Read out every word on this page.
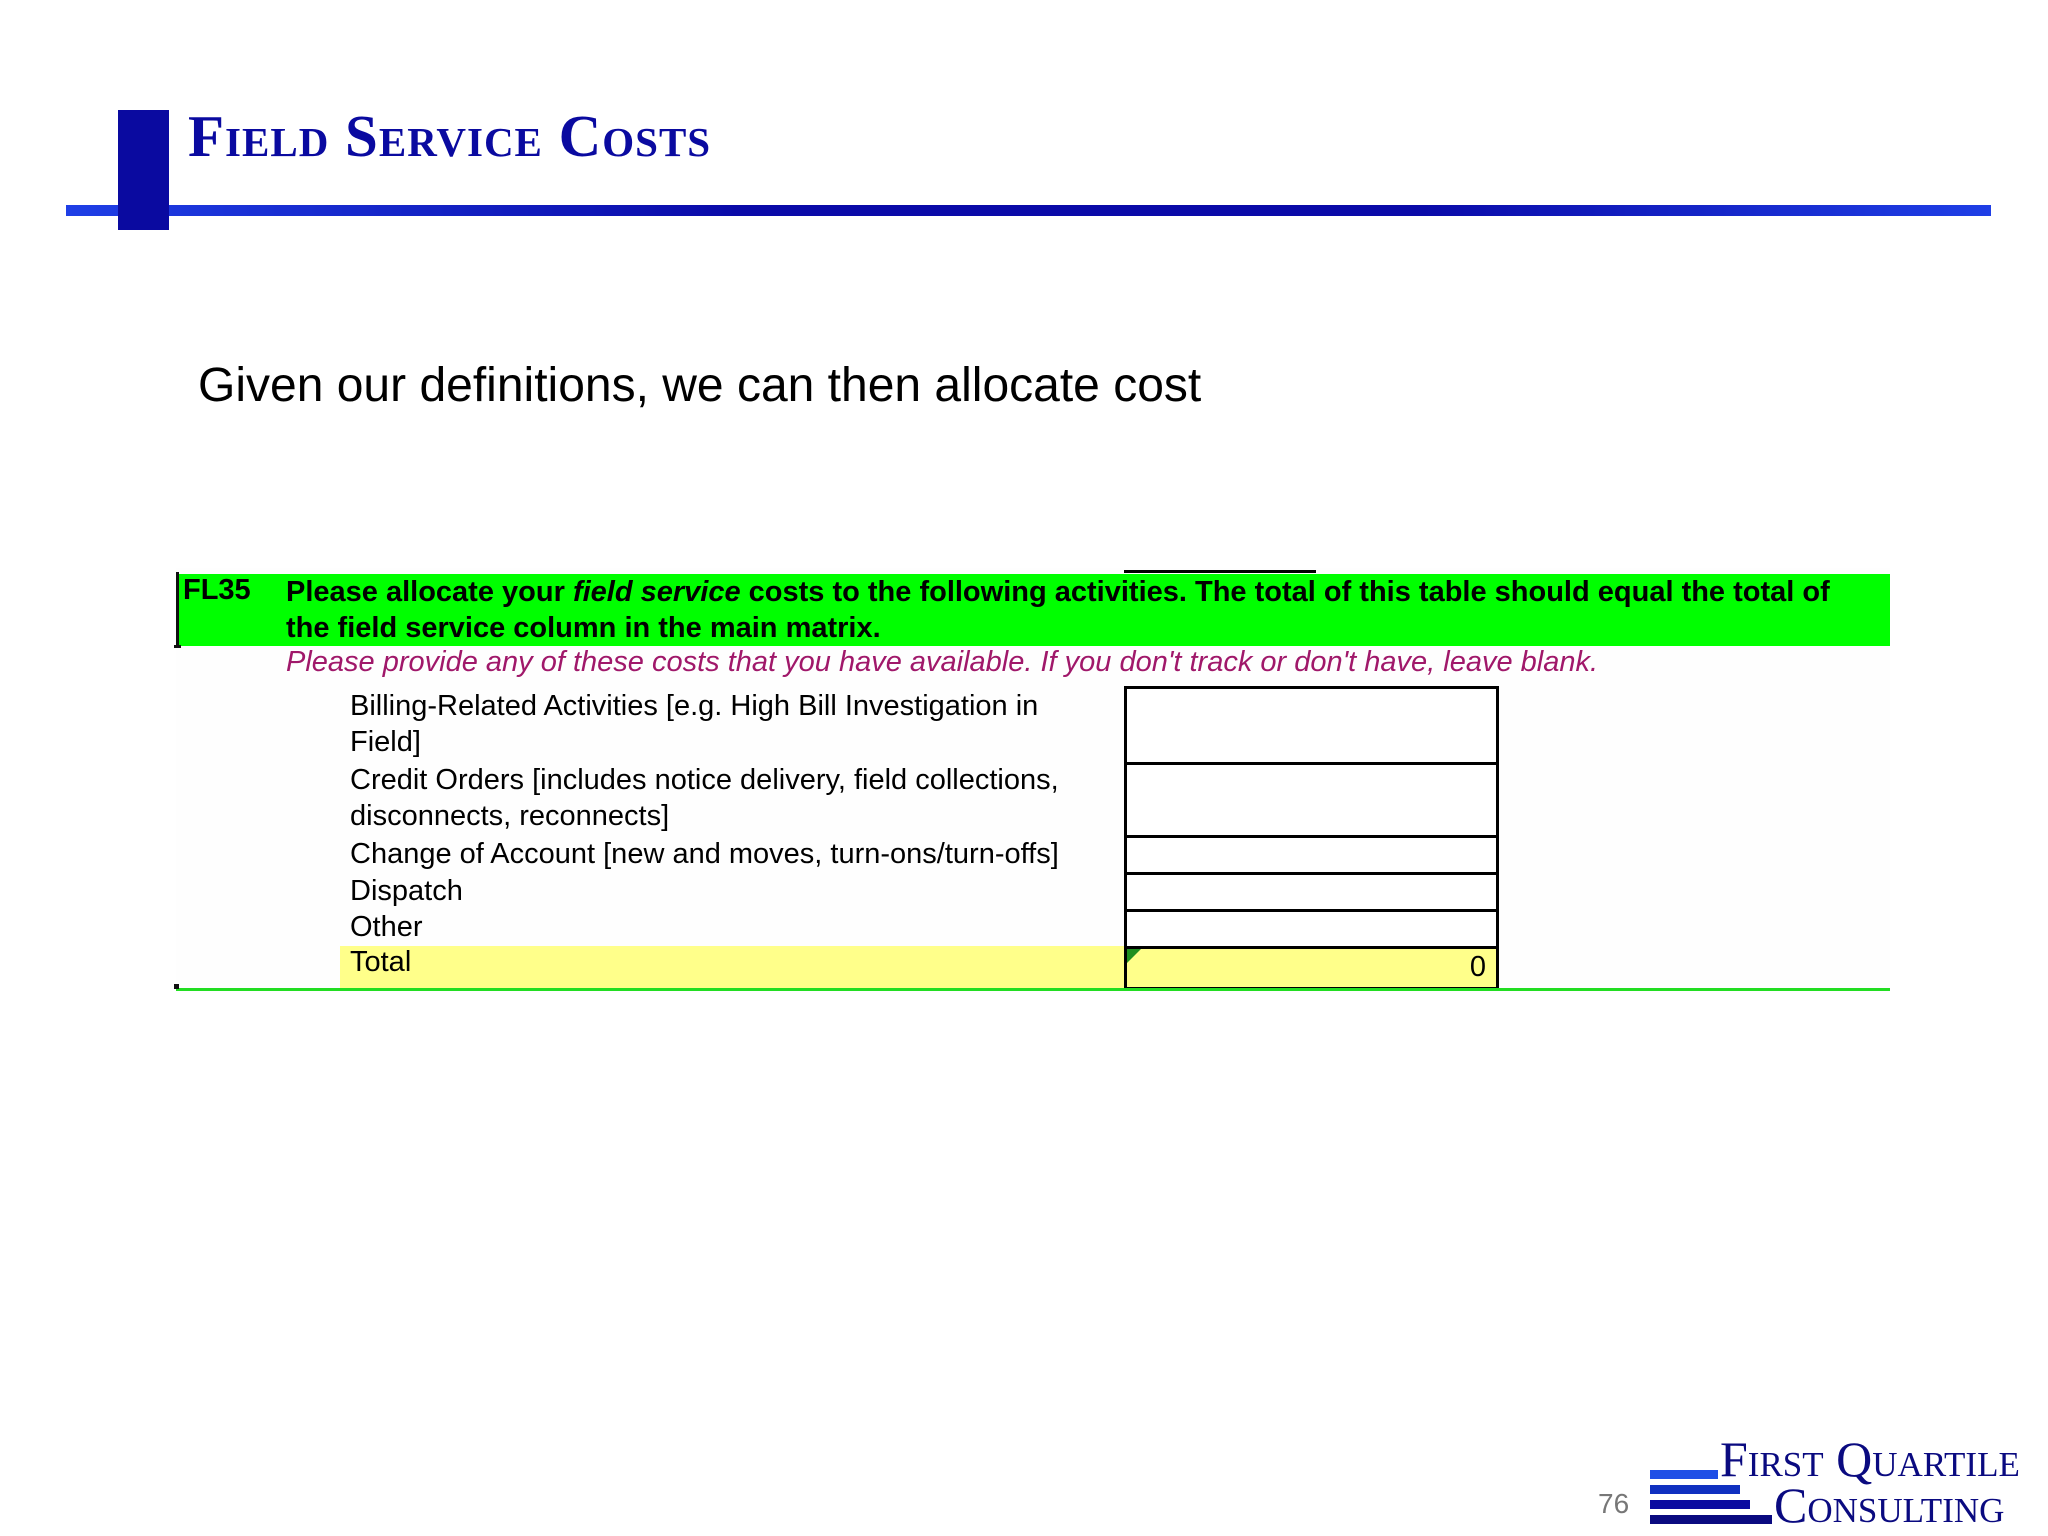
Field Service Costs
Given our definitions, we can then allocate cost
FL35 Please allocate your field service costs to the following activities. The total of this table should equal the total of the field service column in the main matrix.
Please provide any of these costs that you have available. If you don't track or don't have, leave blank.
Billing-Related Activities [e.g. High Bill Investigation in Field]
Credit Orders [includes notice delivery, field collections, disconnects, reconnects]
Change of Account [new and moves, turn-ons/turn-offs]
Dispatch
Other
Total	0
76
First Quartile
Consulting
